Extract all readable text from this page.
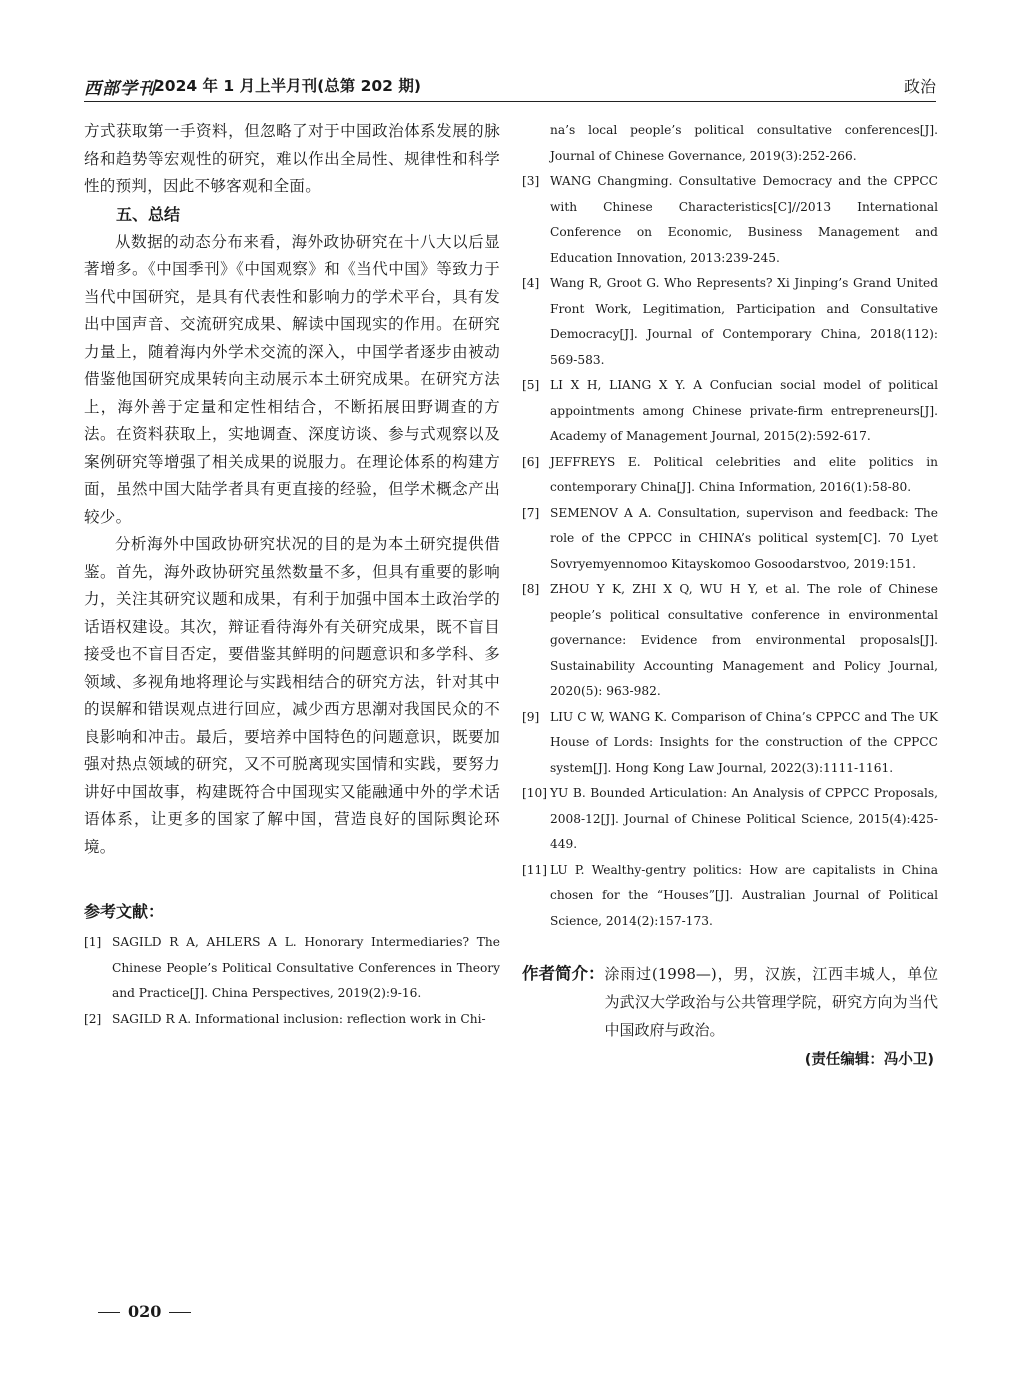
西部学刊
2024 年 1 月上半月刊(总第 202 期)	政治

方式获取第一手资料，但忽略了对于中国政治体系发展的脉络和趋势等宏观性的研究，难以作出全局性、规律性和科学性的预判，因此不够客观和全面。

五、总结

从数据的动态分布来看，海外政协研究在十八大以后显著增多。《中国季刊》《中国观察》和《当代中国》等致力于当代中国研究，是具有代表性和影响力的学术平台，具有发出中国声音、交流研究成果、解读中国现实的作用。在研究力量上，随着海内外学术交流的深入，中国学者逐步由被动借鉴他国研究成果转向主动展示本土研究成果。在研究方法上，海外善于定量和定性相结合，不断拓展田野调查的方法。在资料获取上，实地调查、深度访谈、参与式观察以及案例研究等增强了相关成果的说服力。在理论体系的构建方面，虽然中国大陆学者具有更直接的经验，但学术概念产出较少。

分析海外中国政协研究状况的目的是为本土研究提供借鉴。首先，海外政协研究虽然数量不多，但具有重要的影响力，关注其研究议题和成果，有利于加强中国本土政治学的话语权建设。其次，辩证看待海外有关研究成果，既不盲目接受也不盲目否定，要借鉴其鲜明的问题意识和多学科、多领域、多视角地将理论与实践相结合的研究方法，针对其中的误解和错误观点进行回应，减少西方思潮对我国民众的不良影响和冲击。最后，要培养中国特色的问题意识，既要加强对热点领域的研究，又不可脱离现实国情和实践，要努力讲好中国故事，构建既符合中国现实又能融通中外的学术话语体系，让更多的国家了解中国，营造良好的国际舆论环境。

参考文献：
[1] SAGILD R A, AHLERS A L. Honorary Intermediaries? The Chinese People’s Political Consultative Conferences in Theory and Practice[J]. China Perspectives, 2019(2):9-16.
[2] SAGILD R A. Informational inclusion: reflection work in Chi-
na’s local people’s political consultative conferences[J]. Journal of Chinese Governance, 2019(3):252-266.
[3] WANG Changming. Consultative Democracy and the CPPCC with Chinese Characteristics[C]//2013 International Conference on Economic, Business Management and Education Innovation, 2013:239-245.
[4] Wang R, Groot G. Who Represents? Xi Jinping’s Grand United Front Work, Legitimation, Participation and Consultative Democracy[J]. Journal of Contemporary China, 2018(112): 569-583.
[5] LI X H, LIANG X Y. A Confucian social model of political appointments among Chinese private-firm entrepreneurs[J]. Academy of Management Journal, 2015(2):592-617.
[6] JEFFREYS E. Political celebrities and elite politics in contemporary China[J]. China Information, 2016(1):58-80.
[7] SEMENOV A A. Consultation, supervison and feedback: The role of the CPPCC in CHINA’s political system[C]. 70 Lyet Sovryemyennomoo Kitayskomoo Gosoodarstvoo, 2019:151.
[8] ZHOU Y K, ZHI X Q, WU H Y, et al. The role of Chinese people’s political consultative conference in environmental governance: Evidence from environmental proposals[J]. Sustainability Accounting Management and Policy Journal, 2020(5): 963-982.
[9] LIU C W, WANG K. Comparison of China’s CPPCC and The UK House of Lords: Insights for the construction of the CPPCC system[J]. Hong Kong Law Journal, 2022(3):1111-1161.
[10] YU B. Bounded Articulation: An Analysis of CPPCC Proposals, 2008-12[J]. Journal of Chinese Political Science, 2015(4):425-449.
[11] LU P. Wealthy-gentry politics: How are capitalists in China chosen for the “Houses”[J]. Australian Journal of Political Science, 2014(2):157-173.
作者简介： 涂雨过(1998—)，男，汉族，江西丰城人，单位为武汉大学政治与公共管理学院，研究方向为当代中国政府与政治。
(责任编辑：冯小卫)
020
